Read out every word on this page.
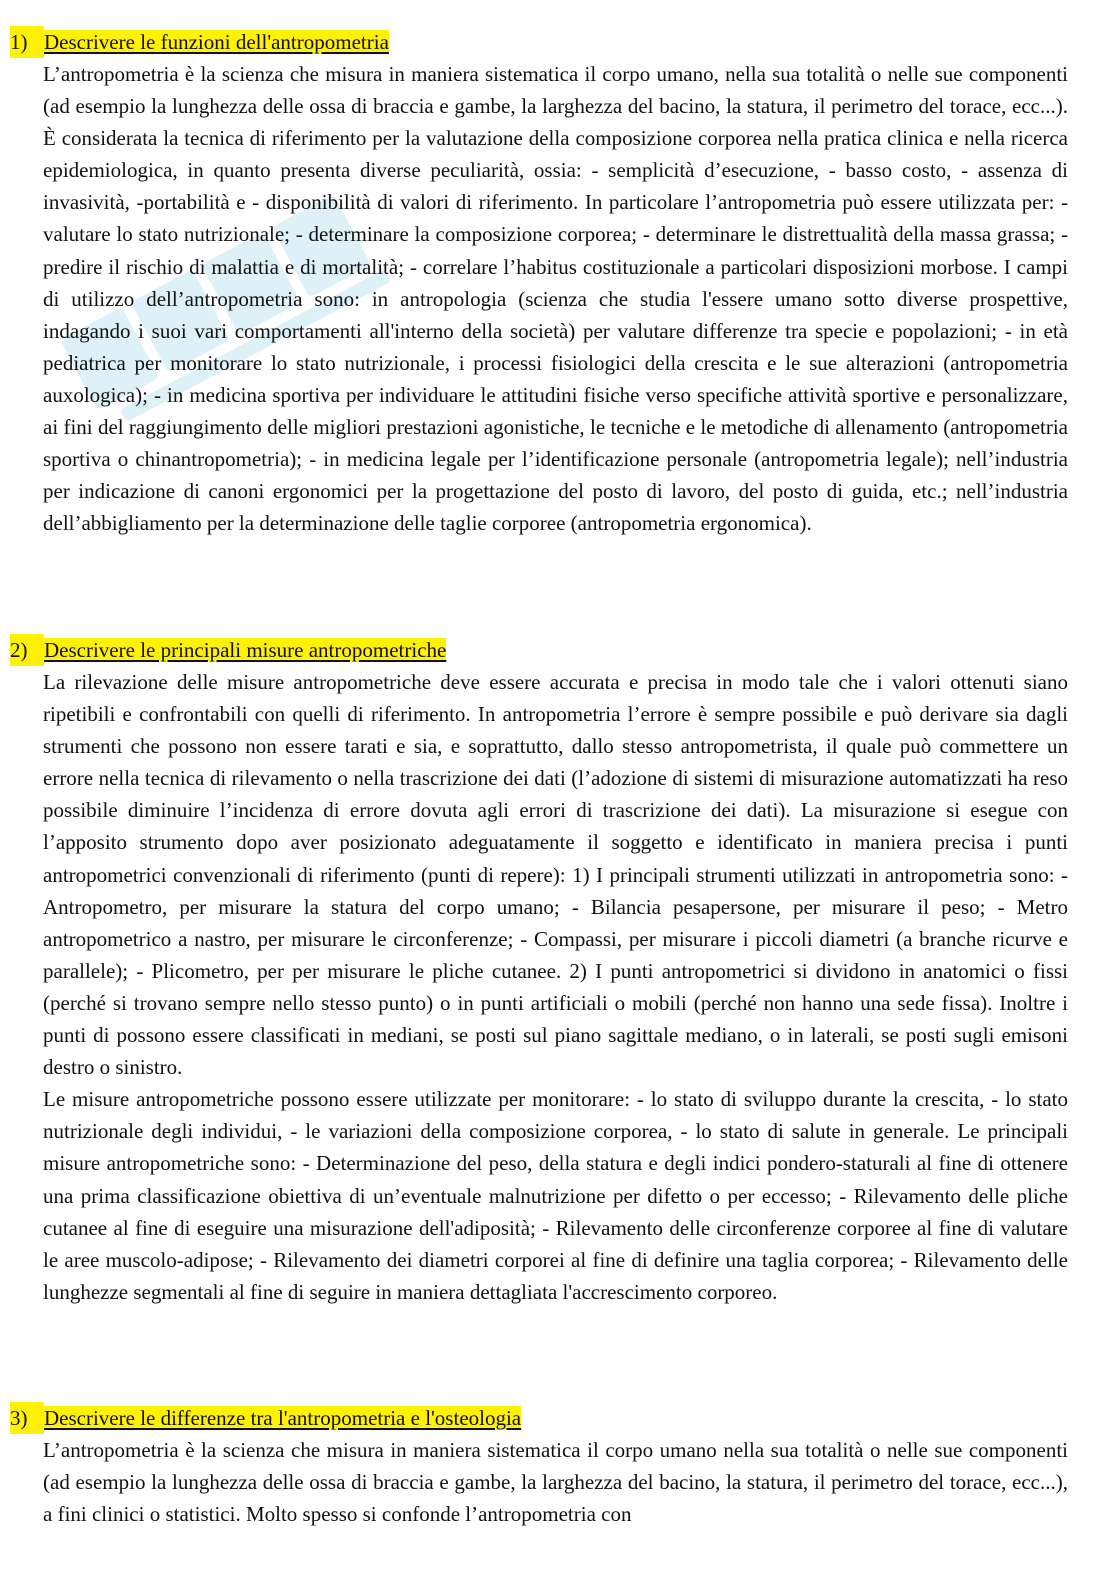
1) Descrivere le funzioni dell'antropometria

L’antropometria è la scienza che misura in maniera sistematica il corpo umano, nella sua totalità o nelle sue componenti (ad esempio la lunghezza delle ossa di braccia e gambe, la larghezza del bacino, la statura, il perimetro del torace, ecc...). È considerata la tecnica di riferimento per la valutazione della composizione corporea nella pratica clinica e nella ricerca epidemiologica, in quanto presenta diverse peculiarità, ossia: - semplicità d’esecuzione, - basso costo, - assenza di invasività, -portabilità e - disponibilità di valori di riferimento. In particolare l’antropometria può essere utilizzata per: - valutare lo stato nutrizionale; - determinare la composizione corporea; - determinare le distrettualità della massa grassa; - predire il rischio di malattia e di mortalità; - correlare l’habitus costituzionale a particolari disposizioni morbose. I campi di utilizzo dell’antropometria sono: in antropologia (scienza che studia l'essere umano sotto diverse prospettive, indagando i suoi vari comportamenti all'interno della società) per valutare differenze tra specie e popolazioni; - in età pediatrica per monitorare lo stato nutrizionale, i processi fisiologici della crescita e le sue alterazioni (antropometria auxologica); - in medicina sportiva per individuare le attitudini fisiche verso specifiche attività sportive e personalizzare, ai fini del raggiungimento delle migliori prestazioni agonistiche, le tecniche e le metodiche di allenamento (antropometria sportiva o chinantropometria); - in medicina legale per l’identificazione personale (antropometria legale); nell’industria per indicazione di canoni ergonomici per la progettazione del posto di lavoro, del posto di guida, etc.; nell’industria dell’abbigliamento per la determinazione delle taglie corporee (antropometria ergonomica).

2) Descrivere le principali misure antropometriche

La rilevazione delle misure antropometriche deve essere accurata e precisa in modo tale che i valori ottenuti siano ripetibili e confrontabili con quelli di riferimento. In antropometria l’errore è sempre possibile e può derivare sia dagli strumenti che possono non essere tarati e sia, e soprattutto, dallo stesso antropometrista, il quale può commettere un errore nella tecnica di rilevamento o nella trascrizione dei dati (l’adozione di sistemi di misurazione automatizzati ha reso possibile diminuire l’incidenza di errore dovuta agli errori di trascrizione dei dati). La misurazione si esegue con l’apposito strumento dopo aver posizionato adeguatamente il soggetto e identificato in maniera precisa i punti antropometrici convenzionali di riferimento (punti di repere): 1) I principali strumenti utilizzati in antropometria sono: - Antropometro, per misurare la statura del corpo umano; - Bilancia pesapersone, per misurare il peso; - Metro antropometrico a nastro, per misurare le circonferenze; - Compassi, per misurare i piccoli diametri (a branche ricurve e parallele); - Plicometro, per per misurare le pliche cutanee. 2) I punti antropometrici si dividono in anatomici o fissi (perché si trovano sempre nello stesso punto) o in punti artificiali o mobili (perché non hanno una sede fissa). Inoltre i punti di possono essere classificati in mediani, se posti sul piano sagittale mediano, o in laterali, se posti sugli emisoni destro o sinistro.

Le misure antropometriche possono essere utilizzate per monitorare: - lo stato di sviluppo durante la crescita, - lo stato nutrizionale degli individui, - le variazioni della composizione corporea, - lo stato di salute in generale. Le principali misure antropometriche sono: - Determinazione del peso, della statura e degli indici pondero-staturali al fine di ottenere una prima classificazione obiettiva di un’eventuale malnutrizione per difetto o per eccesso; - Rilevamento delle pliche cutanee al fine di eseguire una misurazione dell'adiposità; - Rilevamento delle circonferenze corporee al fine di valutare le aree muscolo-adipose; - Rilevamento dei diametri corporei al fine di definire una taglia corporea; - Rilevamento delle lunghezze segmentali al fine di seguire in maniera dettagliata l'accrescimento corporeo.

3) Descrivere le differenze tra l'antropometria e l'osteologia

L’antropometria è la scienza che misura in maniera sistematica il corpo umano nella sua totalità o nelle sue componenti (ad esempio la lunghezza delle ossa di braccia e gambe, la larghezza del bacino, la statura, il perimetro del torace, ecc...), a fini clinici o statistici. Molto spesso si confonde l’antropometria con
